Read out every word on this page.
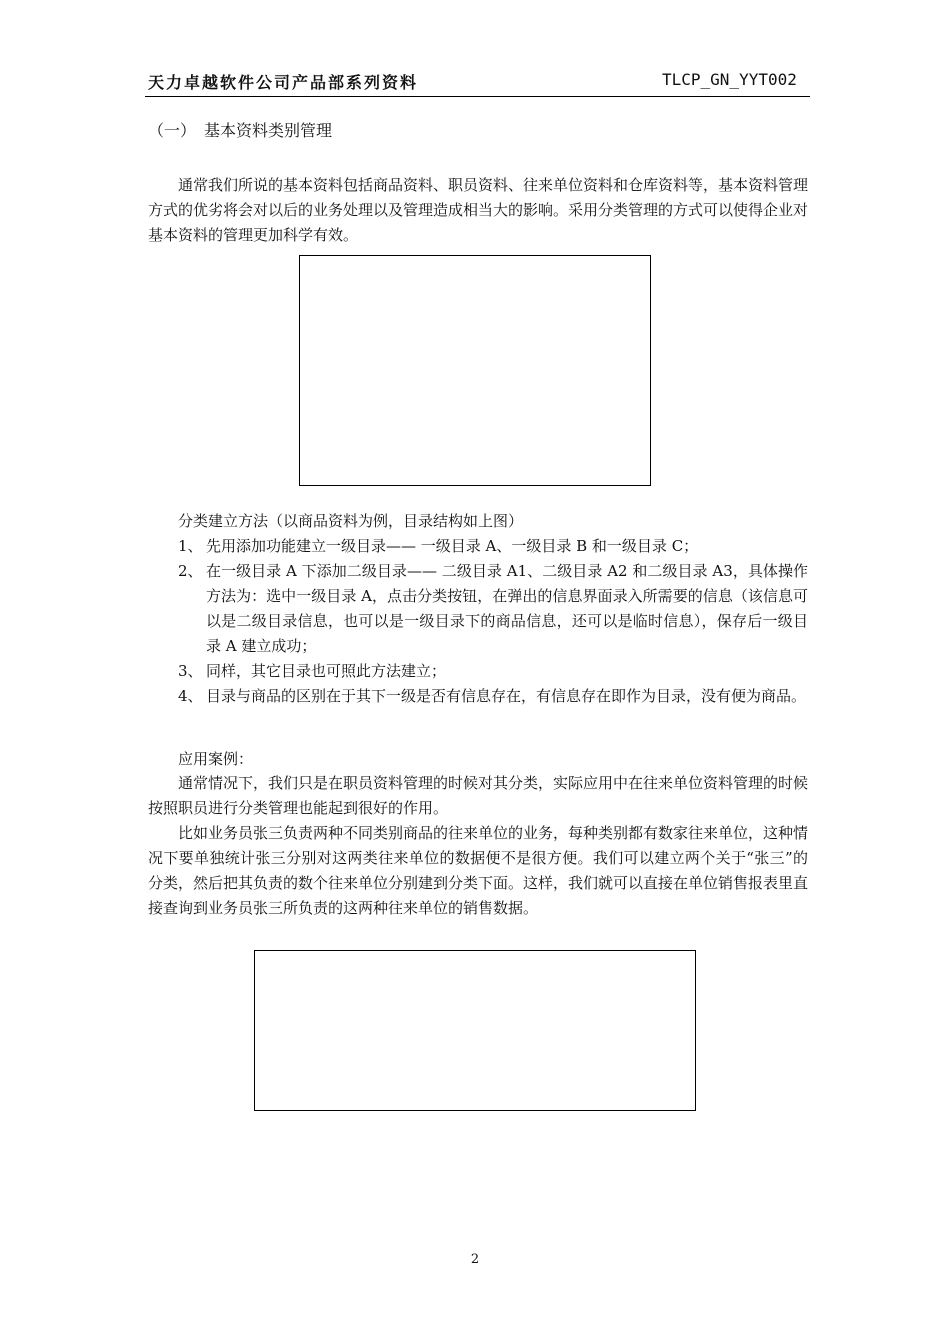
天力卓越软件公司产品部系列资料	TLCP_GN_YYT002
（一）　基本资料类别管理
通常我们所说的基本资料包括商品资料、职员资料、往来单位资料和仓库资料等，基本资料管理方式的优劣将会对以后的业务处理以及管理造成相当大的影响。采用分类管理的方式可以使得企业对基本资料的管理更加科学有效。
分类建立方法（以商品资料为例，目录结构如上图）
1、 先用添加功能建立一级目录—— 一级目录 A、一级目录 B 和一级目录 C；
2、 在一级目录 A 下添加二级目录—— 二级目录 A1、二级目录 A2 和二级目录 A3，具体操作方法为：选中一级目录 A，点击分类按钮，在弹出的信息界面录入所需要的信息（该信息可以是二级目录信息，也可以是一级目录下的商品信息，还可以是临时信息），保存后一级目录 A 建立成功；
3、 同样，其它目录也可照此方法建立；
4、 目录与商品的区别在于其下一级是否有信息存在，有信息存在即作为目录，没有便为商品。
应用案例：
通常情况下，我们只是在职员资料管理的时候对其分类，实际应用中在往来单位资料管理的时候按照职员进行分类管理也能起到很好的作用。
比如业务员张三负责两种不同类别商品的往来单位的业务，每种类别都有数家往来单位，这种情况下要单独统计张三分别对这两类往来单位的数据便不是很方便。我们可以建立两个关于“张三”的分类，然后把其负责的数个往来单位分别建到分类下面。这样，我们就可以直接在单位销售报表里直接查询到业务员张三所负责的这两种往来单位的销售数据。
2
